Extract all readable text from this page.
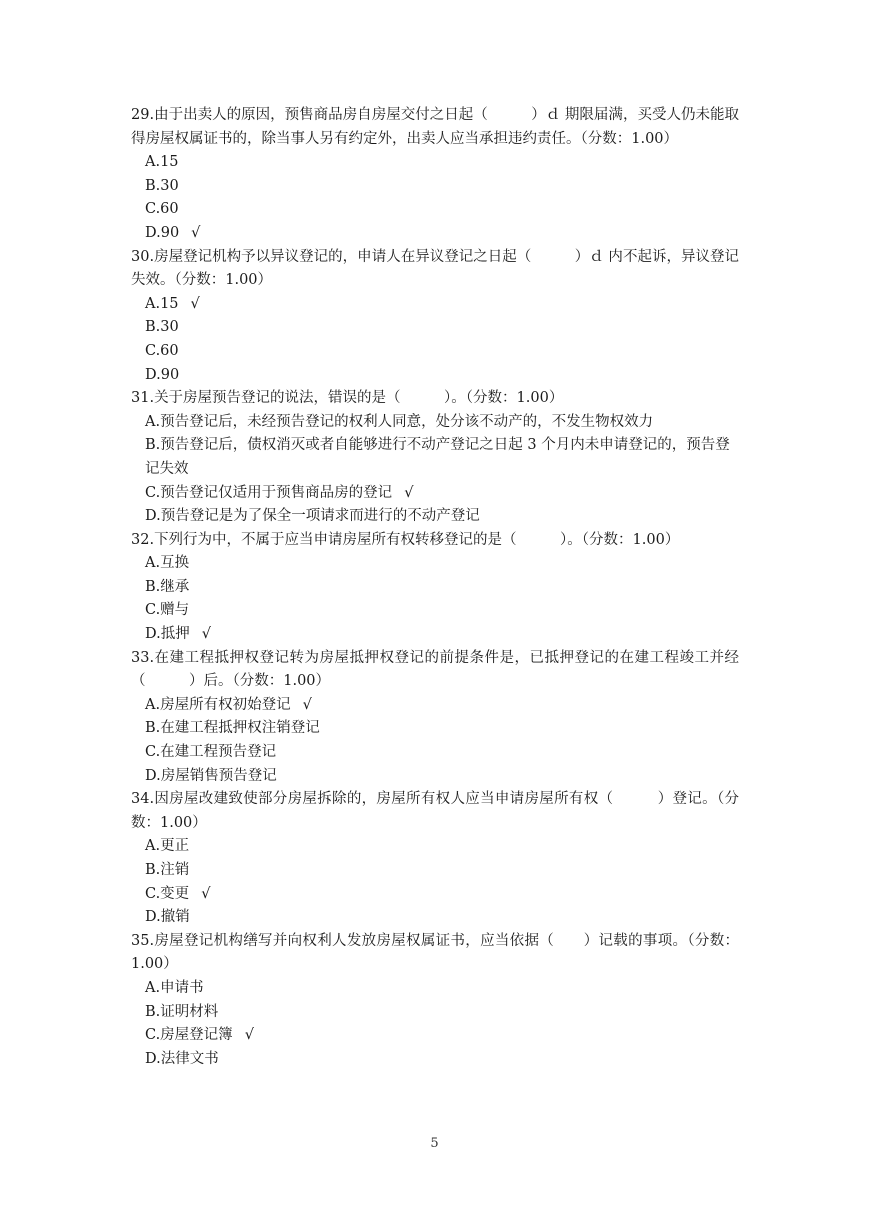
29.由于出卖人的原因，预售商品房自房屋交付之日起（　　　）ｄ 期限届满，买受人仍未能取得房屋权属证书的，除当事人另有约定外，出卖人应当承担违约责任。（分数：1.00）

A.15

B.30

C.60

D.90 √

30.房屋登记机构予以异议登记的，申请人在异议登记之日起（　　　）ｄ 内不起诉，异议登记失效。（分数：1.00）

A.15 √

B.30

C.60

D.90

31.关于房屋预告登记的说法，错误的是（　　　）。（分数：1.00）

A.预告登记后，未经预告登记的权利人同意，处分该不动产的，不发生物权效力

B.预告登记后，债权消灭或者自能够进行不动产登记之日起 3 个月内未申请登记的，预告登记失效

C.预告登记仅适用于预售商品房的登记 √

D.预告登记是为了保全一项请求而进行的不动产登记

32.下列行为中，不属于应当申请房屋所有权转移登记的是（　　　）。（分数：1.00）

A.互换

B.继承

C.赠与

D.抵押 √

33.在建工程抵押权登记转为房屋抵押权登记的前提条件是，已抵押登记的在建工程竣工并经（　　　）后。（分数：1.00）

A.房屋所有权初始登记 √

B.在建工程抵押权注销登记

C.在建工程预告登记

D.房屋销售预告登记

34.因房屋改建致使部分房屋拆除的，房屋所有权人应当申请房屋所有权（　　　）登记。（分数：1.00）

A.更正

B.注销

C.变更 √

D.撤销

35.房屋登记机构缮写并向权利人发放房屋权属证书，应当依据（　　）记载的事项。（分数：1.00）

A.申请书

B.证明材料

C.房屋登记簿 √

D.法律文书

5
